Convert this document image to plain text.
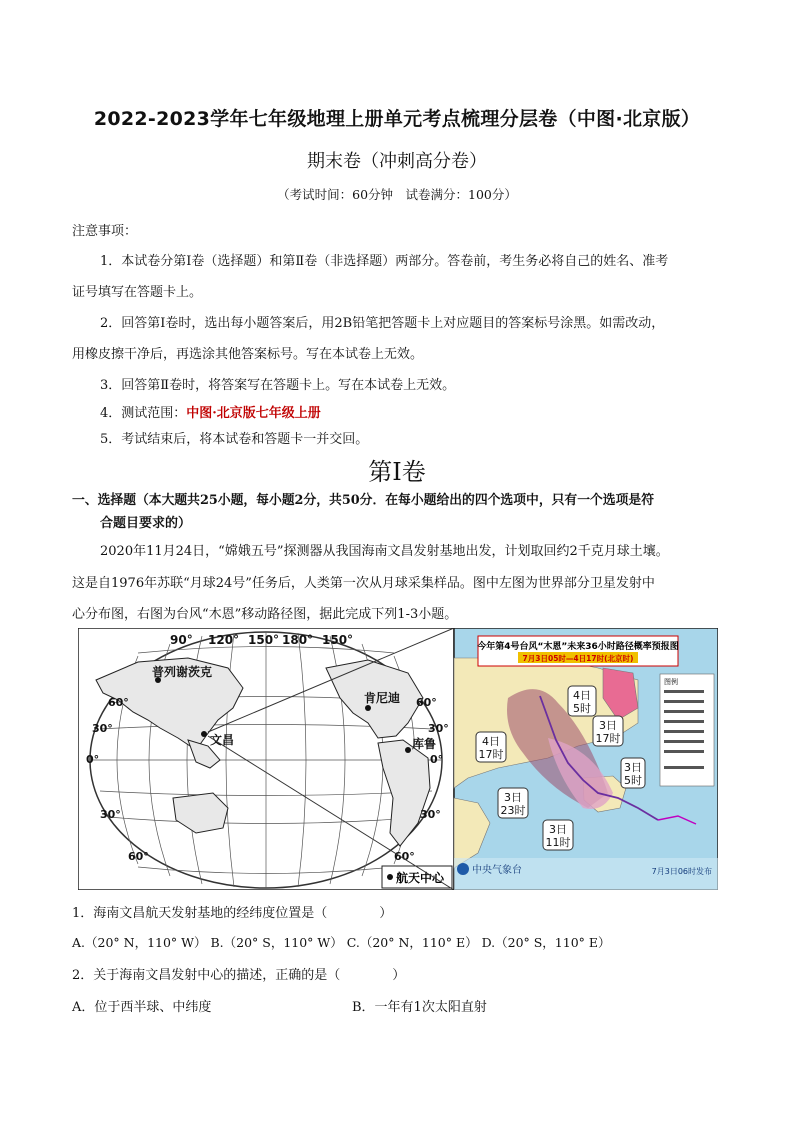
2022-2023学年七年级地理上册单元考点梳理分层卷（中图·北京版）
期末卷（冲刺高分卷）
（考试时间：60分钟　试卷满分：100分）
注意事项：
1．本试卷分第Ⅰ卷（选择题）和第Ⅱ卷（非选择题）两部分。答卷前，考生务必将自己的姓名、准考
证号填写在答题卡上。
2．回答第Ⅰ卷时，选出每小题答案后，用2B铅笔把答题卡上对应题目的答案标号涂黑。如需改动，
用橡皮擦干净后，再选涂其他答案标号。写在本试卷上无效。
3．回答第Ⅱ卷时，将答案写在答题卡上。写在本试卷上无效。
4．测试范围：中图·北京版七年级上册
5．考试结束后，将本试卷和答题卡一并交回。
第Ⅰ卷
一、选择题（本大题共25小题，每小题2分，共50分．在每小题给出的四个选项中，只有一个选项是符
合题目要求的）
2020年11月24日，“嫦娥五号”探测器从我国海南文昌发射基地出发，计划取回约2千克月球土壤。
这是自1976年苏联“月球24号”任务后，人类第一次从月球采集样品。图中左图为世界部分卫星发射中
心分布图，右图为台风“木恩”移动路径图，据此完成下列1-3小题。
90° 120° 150° 180° 150°
60°
30°
0°
30°
60°
60°
30°
0°
30°
60°
普列谢茨克
肯尼迪
文昌	库鲁
航天中心
今年第4号台风“木恩”未来36小时路径概率预报图
7月3日05时—4日17时(北京时)
图例
4日
5时
3日
17时
4日
17时
3日
5时
3日
23时
3日
11时
中央气象台	7月3日06时发布
1．海南文昌航天发射基地的经纬度位置是（　　　　）
A.（20° N，110° W） B.（20° S，110° W） C.（20° N，110° E） D.（20° S，110° E）
2．关于海南文昌发射中心的描述，正确的是（　　　　）
A．位于西半球、中纬度	B．一年有1次太阳直射
